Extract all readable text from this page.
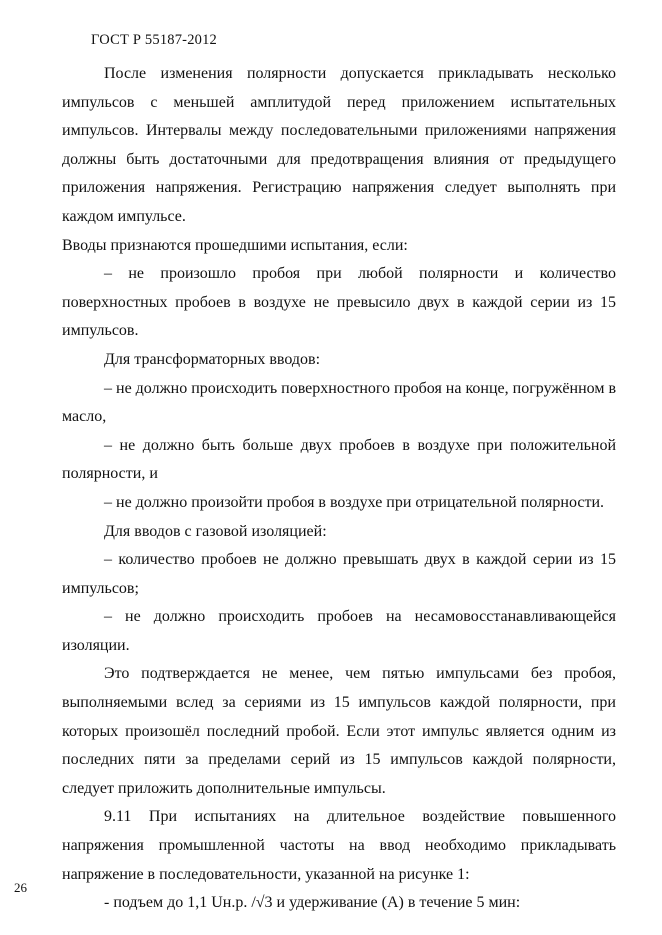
ГОСТ Р 55187-2012

После изменения полярности допускается прикладывать несколько импульсов с меньшей амплитудой перед приложением испытательных импульсов. Интервалы между последовательными приложениями напряжения должны быть достаточными для предотвращения влияния от предыдущего приложения напряжения. Регистрацию напряжения следует выполнять при каждом импульсе.

Вводы признаются прошедшими испытания, если:

– не произошло пробоя при любой полярности и количество поверхностных пробоев в воздухе не превысило двух в каждой серии из 15 импульсов.

Для трансформаторных вводов:

– не должно происходить поверхностного пробоя на конце, погружённом в масло,

– не должно быть больше двух пробоев в воздухе при положительной полярности, и

– не должно произойти пробоя в воздухе при отрицательной полярности.

Для вводов с газовой изоляцией:

– количество пробоев не должно превышать двух в каждой серии из 15 импульсов;

– не должно происходить пробоев на несамовосстанавливающейся изоляции.

Это подтверждается не менее, чем пятью импульсами без пробоя, выполняемыми вслед за сериями из 15 импульсов каждой полярности, при которых произошёл последний пробой. Если этот импульс является одним из последних пяти за пределами серий из 15 импульсов каждой полярности, следует приложить дополнительные импульсы.

9.11 При испытаниях на длительное воздействие повышенного напряжения промышленной частоты на ввод необходимо прикладывать напряжение в последовательности, указанной на рисунке 1:

- подъем до 1,1 Uн.р. /√3 и удерживание (А) в течение 5 мин:

26
